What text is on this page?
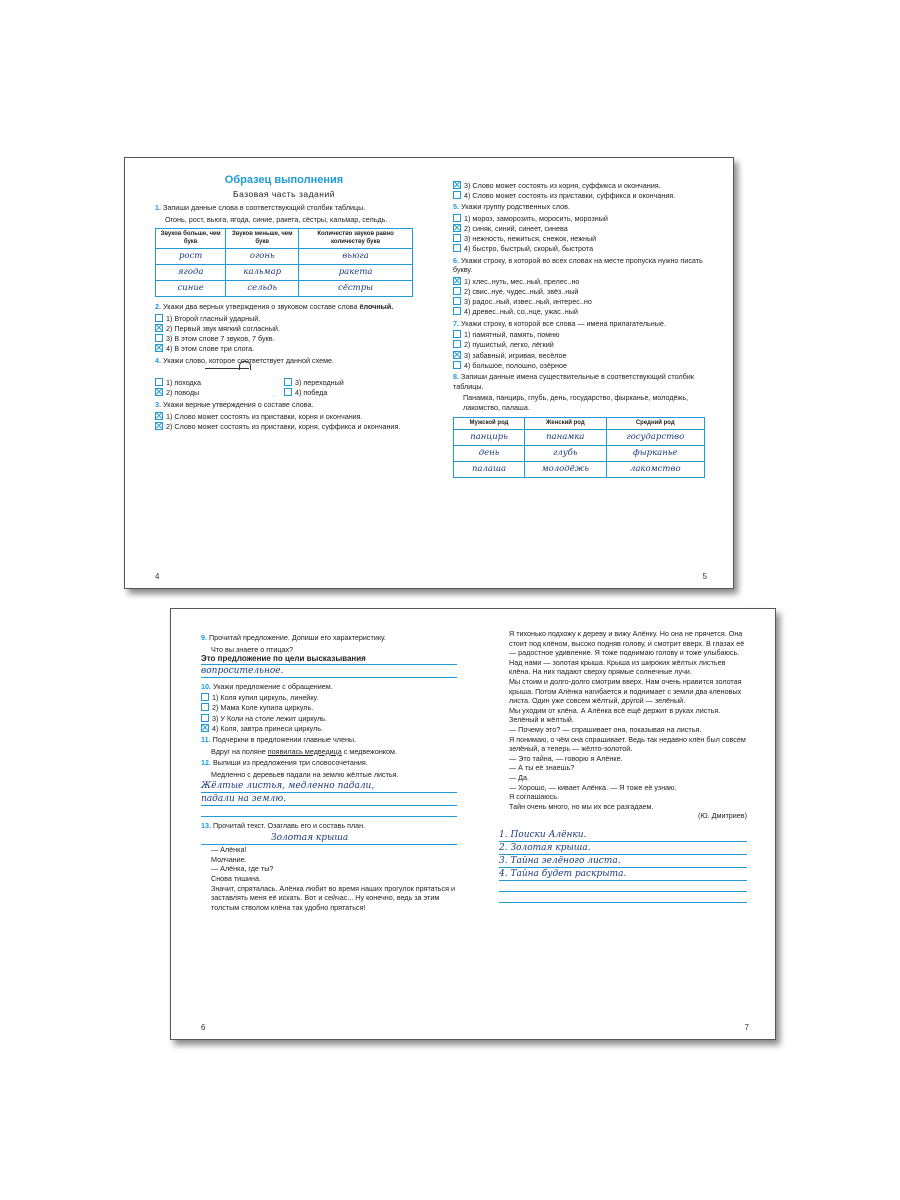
Образец выполнения
Базовая часть заданий
1. Запиши данные слова в соответствующий столбик таблицы.
Огонь, рост, вьюга, ягода, синие, ракета, сёстры, кальмар, сельдь.
Звуков больше, чем букв	Звуков меньше, чем букв	Количество звуков равно количеству букв
рост	огонь	вьюга
ягода	кальмар	ракета
синие	сельдь	сёстры
2. Укажи два верных утверждения о звуковом составе слова ёлочный.
1) Второй гласный ударный.
2) Первый звук мягкий согласный.
3) В этом слове 7 звуков, 7 букв.
4) В этом слове три слога.
4. Укажи слово, которое соответствует данной схеме.
1) походка
2) поводы
3) переходный
4) победа
3. Укажи верные утверждения о составе слова.
1) Слово может состоять из приставки, корня и окончания.
2) Слово может состоять из приставки, корня, суффикса и окончания.
4
3) Слово может состоять из корня, суффикса и окончания.
4) Слово может состоять из приставки, суффикса и окончания.
5. Укажи группу родственных слов.
1) мороз, заморозить, моросить, морозный
2) синяк, синий, синеет, синева
3) нежность, нежиться, снежок, нежный
4) быстро, быстрый, скорый, быстрота
6. Укажи строку, в которой во всех словах на месте пропуска нужно писать букву.
1) хлес..нуть, мес..ный, прелес..но
2) свис..нуе, чудес..ный, звёз..ный
3) радос..ный, извес..ный, интерес..но
4) древес..ный, со..нце, ужас..ный
7. Укажи строку, в которой все слова — имена прилагательные.
1) памятный, память, помню
2) пушистый, легко, лёгкий
3) забавный, игривая, весёлое
4) большое, полошно, озёрное
8. Запиши данные имена существительные в соответствующий столбик таблицы.
Панамка, панцирь, глубь, день, государство, фырканье, молодёжь, лакомство, палаша.
Мужской род	Женский род	Средний род
панцирь	панамка	государство
день	глубь	фырканье
палаша	молодёжь	лакомство
5
9. Прочитай предложение. Допиши его характеристику.
Что вы знаете о птицах?
Это предложение по цели высказывания
вопросительное.
10. Укажи предложение с обращением.
1) Коля купил циркуль, линейку.
2) Мама Коле купила циркуль.
3) У Коли на столе лежит циркуль.
4) Коля, завтра принеси циркуль.
11. Подчеркни в предложении главные члены.
Вдруг на поляне появилась медведица с медвежонком.
12. Выпиши из предложения три словосочетания.
Медленно с деревьев падали на землю жёлтые листья.
Жёлтые листья, медленно падали,
падали на землю.
13. Прочитай текст. Озаглавь его и составь план.
Золотая крыша
— Алёнка!
Молчание.
— Алёнка, где ты?
Снова тишина.
Значит, спряталась. Алёнка любит во время наших прогулок прятаться и заставлять меня её искать. Вот и сейчас... Ну конечно, ведь за этим толстым стволом клёна так удобно прятаться!
6
Я тихонько подхожу к дереву и вижу Алёнку. Но она не прячется. Она стоит под клёном, высоко подняв голову, и смотрит вверх. В глазах её — радостное удивление. Я тоже поднимаю голову и тоже улыбаюсь. Над нами — золотая крыша. Крыша из широких жёлтых листьев клёна. На них падают сверху прямые солнечные лучи.
Мы стоим и долго-долго смотрим вверх. Нам очень нравится золотая крыша. Потом Алёнка нагибается и поднимает с земли два кленовых листа. Один уже совсем жёлтый, другой — зелёный.
Мы уходим от клёна. А Алёнка всё ещё держит в руках листья. Зелёный и жёлтый.
— Почему это? — спрашивает она, показывая на листья.
Я понимаю, о чём она спрашивает. Ведь так недавно клён был совсем зелёный, а теперь — жёлто-золотой.
— Это тайна, — говорю я Алёнке.
— А ты её знаешь?
— Да.
— Хорошо, — кивает Алёнка. — Я тоже её узнаю.
Я соглашаюсь.
Тайн очень много, но мы их все разгадаем.
(Ю. Дмитриев)
1. Поиски Алёнки.
2. Золотая крыша.
3. Тайна зелёного листа.
4. Тайна будет раскрыта.
7
